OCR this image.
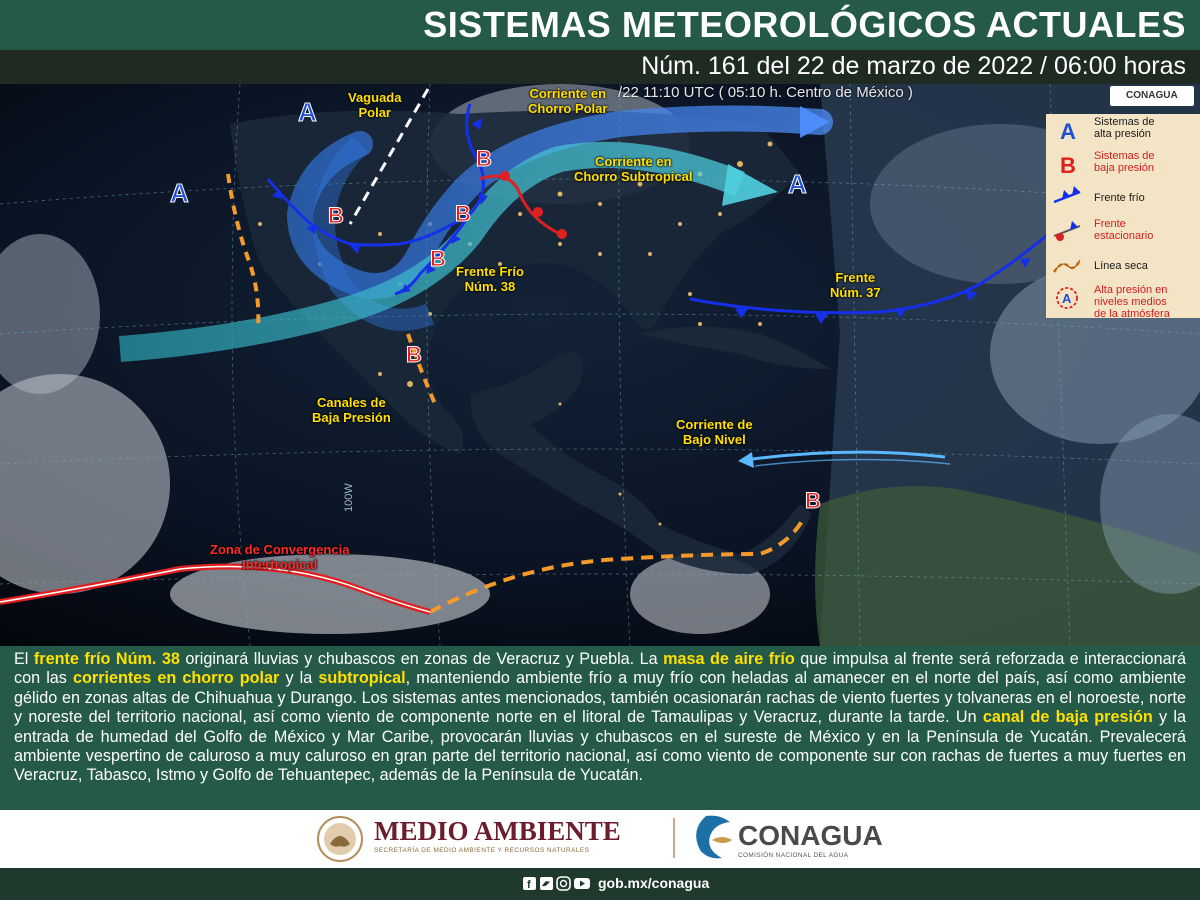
SISTEMAS METEOROLÓGICOS ACTUALES
Núm. 161 del 22 de marzo de 2022 / 06:00 horas
A
A	A
B
B	B
B
B
B
100W
/22 11:10 UTC ( 05:10 h. Centro de México )	CONAGUA
Vaguada
Polar
Corriente en
Chorro Polar
Corriente en
Chorro Subtropical
Frente Frío
Núm. 38
Frente
Núm. 37
Canales de
Baja Presión	Corriente de
Bajo Nivel
Zona de Convergencia
Intertropical
A Sistemas de
alta presión
B Sistemas de
baja presión
Frente frío
Frente
estacionario
Línea seca
A
Alta presión en
niveles medios
de la atmósfera

El frente frío Núm. 38 originará lluvias y chubascos en zonas de Veracruz y Puebla. La masa de aire frío que impulsa al frente será reforzada e interaccionará con las corrientes en chorro polar y la subtropical, manteniendo ambiente frío a muy frío con heladas al amanecer en el norte del país, así como ambiente gélido en zonas altas de Chihuahua y Durango. Los sistemas antes mencionados, también ocasionarán rachas de viento fuertes y tolvaneras en el noroeste, norte y noreste del territorio nacional, así como viento de componente norte en el litoral de Tamaulipas y Veracruz, durante la tarde. Un canal de baja presión y la entrada de humedad del Golfo de México y Mar Caribe, provocarán lluvias y chubascos en el sureste de México y en la Península de Yucatán. Prevalecerá ambiente vespertino de caluroso a muy caluroso en gran parte del territorio nacional, así como viento de componente sur con rachas de fuertes a muy fuertes en Veracruz, Tabasco, Istmo y Golfo de Tehuantepec, además de la Península de Yucatán.

MEDIO AMBIENTE
SECRETARÍA DE MEDIO AMBIENTE Y RECURSOS NATURALES	CONAGUA
COMISIÓN NACIONAL DEL AGUA
f	gob.mx/conagua
